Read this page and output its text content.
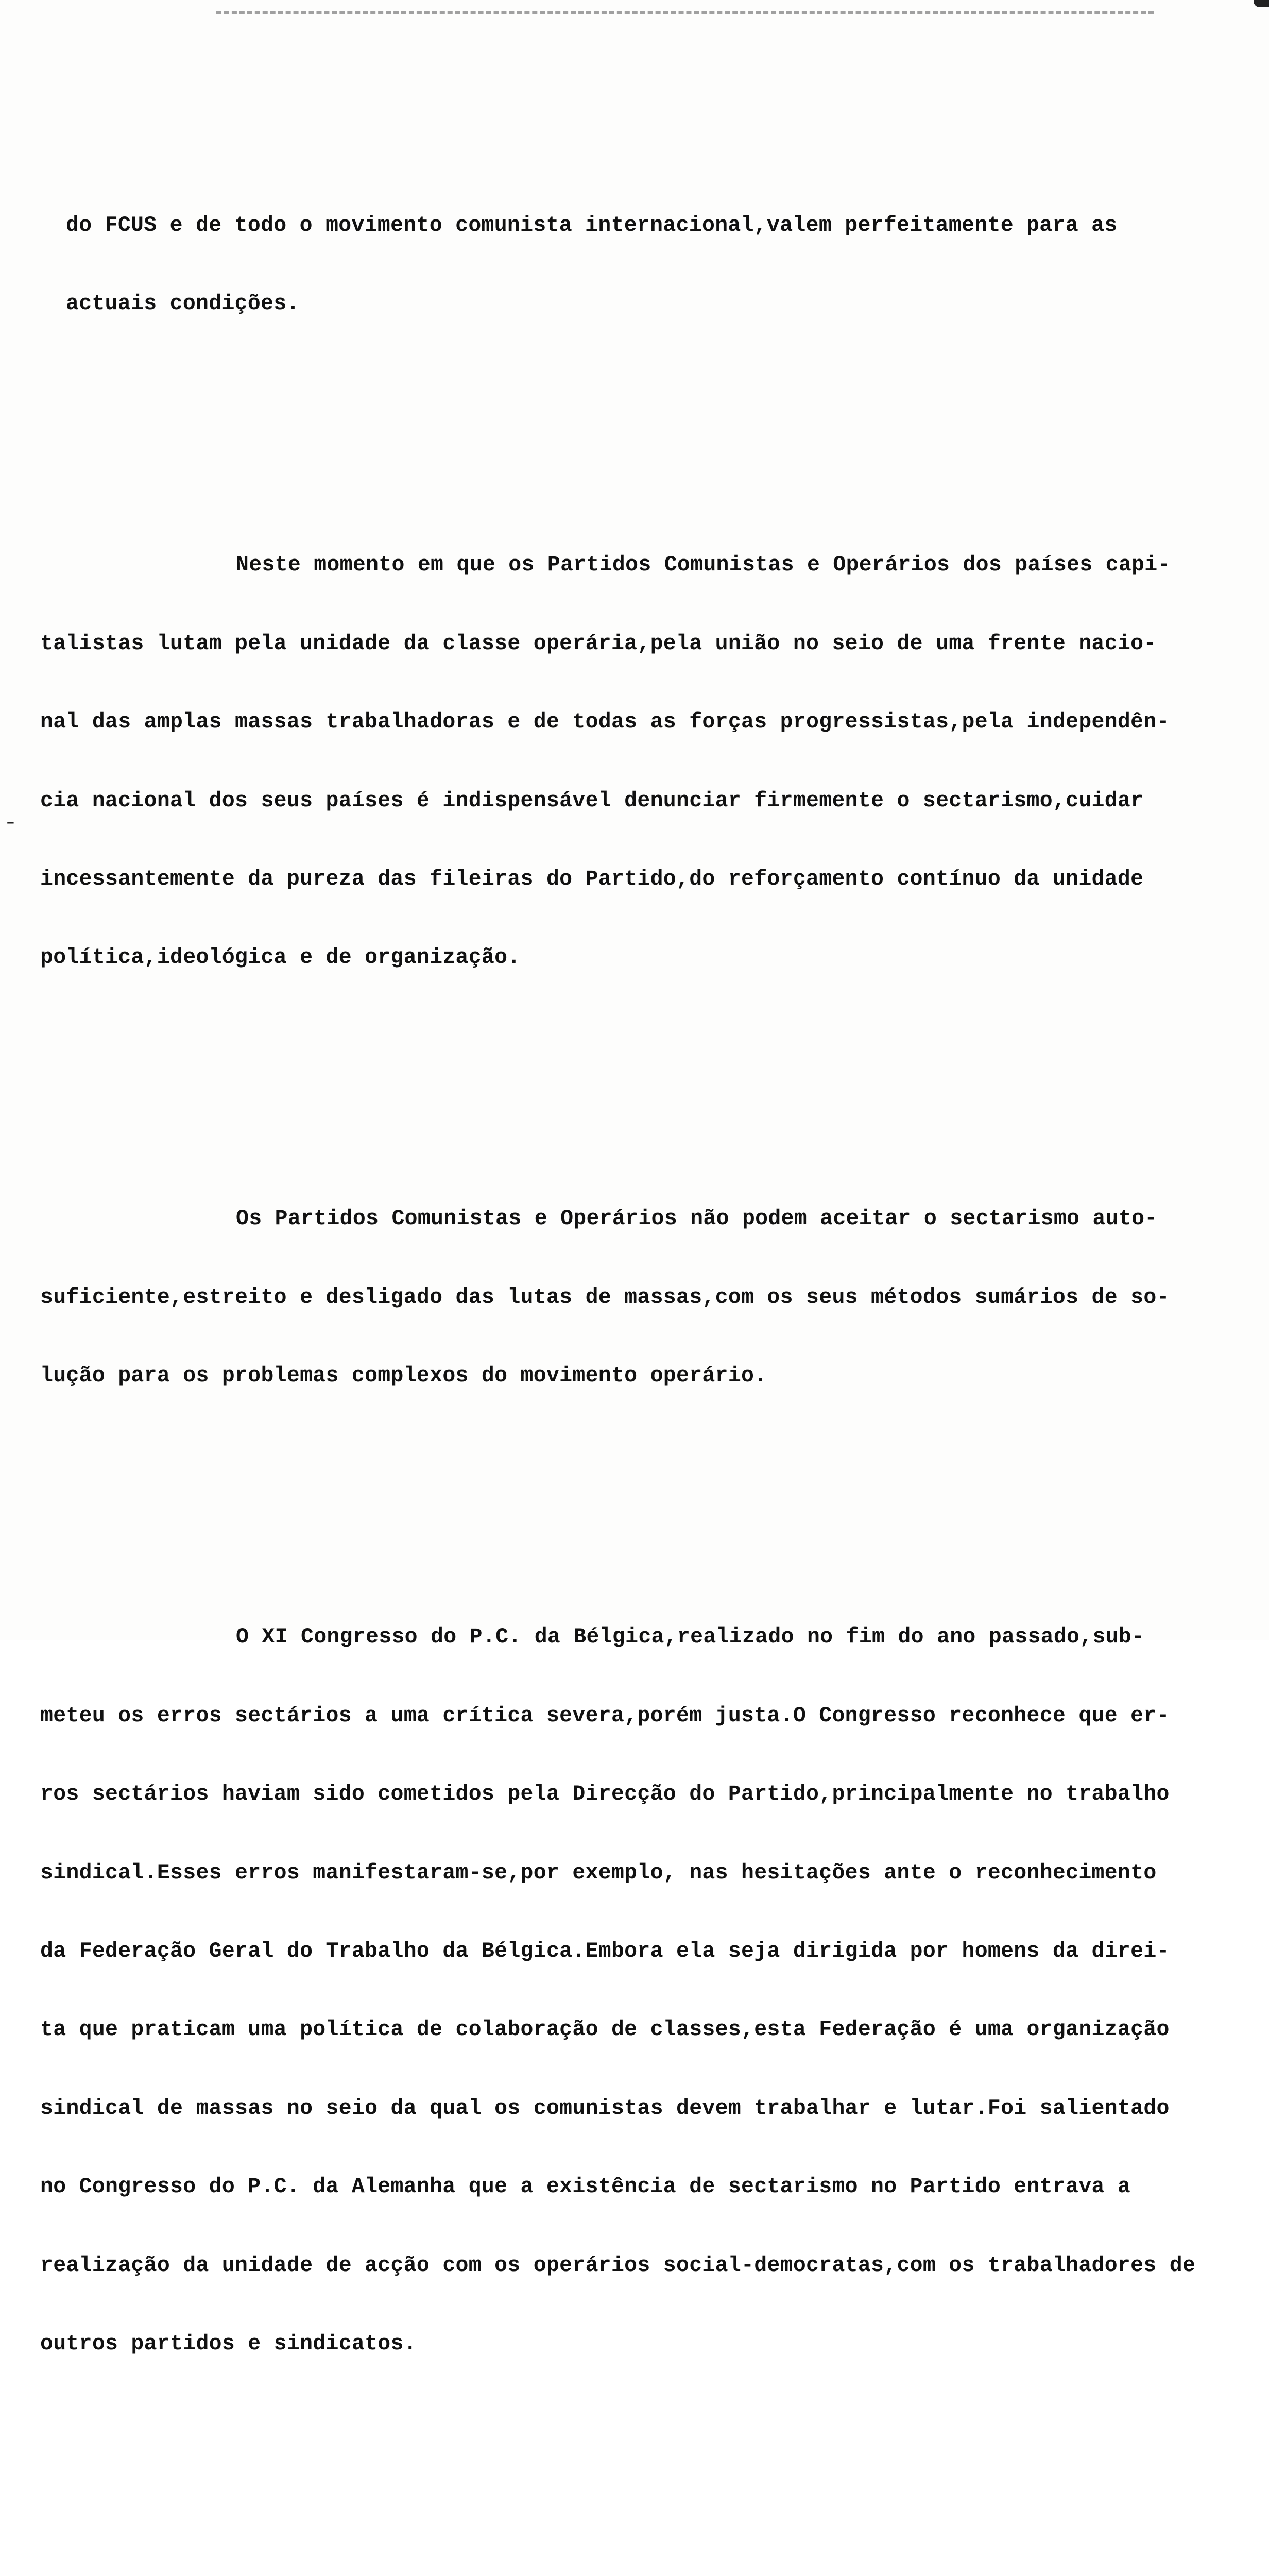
–

do FCUS e de todo o movimento comunista internacional,valem perfeitamente para as

actuais condições.

Neste momento em que os Partidos Comunistas e Operários dos países capi-

talistas lutam pela unidade da classe operária,pela união no seio de uma frente nacio-

nal das amplas massas trabalhadoras e de todas as forças progressistas,pela independên-

cia nacional dos seus países é indispensável denunciar firmemente o sectarismo,cuidar

incessantemente da pureza das fileiras do Partido,do reforçamento contínuo da unidade

política,ideológica e de organização.

Os Partidos Comunistas e Operários não podem aceitar o sectarismo auto-

suficiente,estreito e desligado das lutas de massas,com os seus métodos sumários de so-

lução para os problemas complexos do movimento operário.

O XI Congresso do P.C. da Bélgica,realizado no fim do ano passado,sub-

meteu os erros sectários a uma crítica severa,porém justa.O Congresso reconhece que er-

ros sectários haviam sido cometidos pela Direcção do Partido,principalmente no trabalho

sindical.Esses erros manifestaram-se,por exemplo, nas hesitações ante o reconhecimento

da Federação Geral do Trabalho da Bélgica.Embora ela seja dirigida por homens da direi-

ta que praticam uma política de colaboração de classes,esta Federação é uma organização

sindical de massas no seio da qual os comunistas devem trabalhar e lutar.Foi salientado

no Congresso do P.C. da Alemanha que a existência de sectarismo no Partido entrava a

realização da unidade de acção com os operários social-democratas,com os trabalhadores de

outros partidos e sindicatos.
